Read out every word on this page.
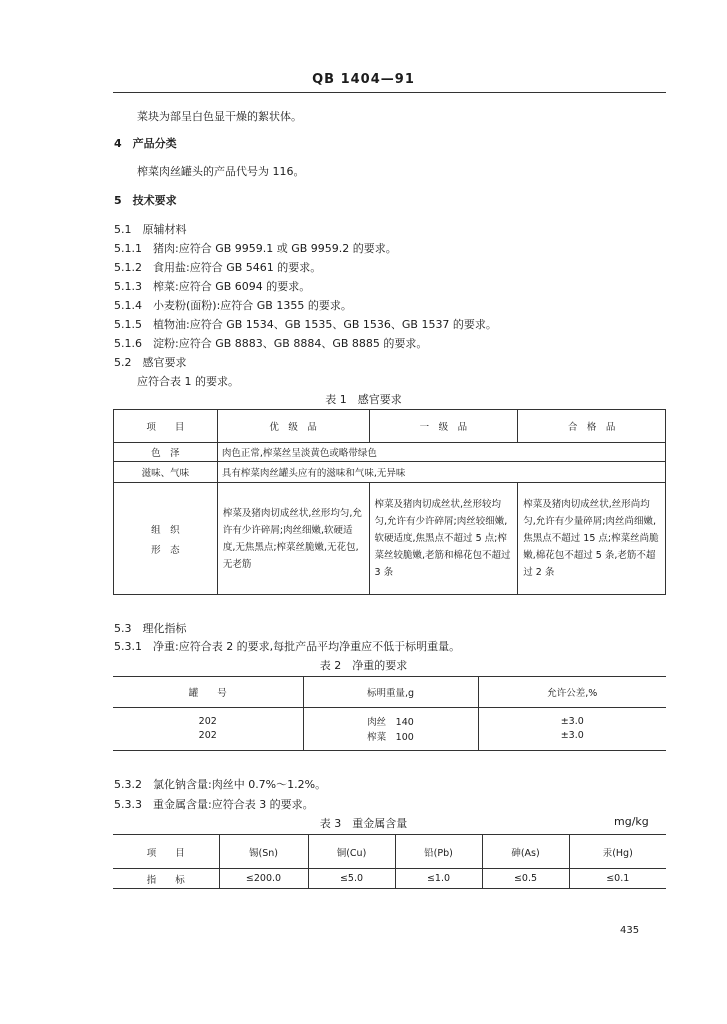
QB 1404—91
菜块为部呈白色显干燥的絮状体。
4　产品分类
榨菜肉丝罐头的产品代号为 116。
5　技术要求
5.1　原辅材料
5.1.1　猪肉:应符合 GB 9959.1 或 GB 9959.2 的要求。
5.1.2　食用盐:应符合 GB 5461 的要求。
5.1.3　榨菜:应符合 GB 6094 的要求。
5.1.4　小麦粉(面粉):应符合 GB 1355 的要求。
5.1.5　植物油:应符合 GB 1534、GB 1535、GB 1536、GB 1537 的要求。
5.1.6　淀粉:应符合 GB 8883、GB 8884、GB 8885 的要求。
5.2　感官要求
应符合表 1 的要求。
表 1　感官要求
项　　目	优　级　品	一　级　品	合　格　品
色　泽	肉色正常,榨菜丝呈淡黄色或略带绿色		
滋味、气味	具有榨菜肉丝罐头应有的滋味和气味,无异味		

组　织
形　态	榨菜及猪肉切成丝状,丝形均匀,允许有少许碎屑;肉丝细嫩,软硬适度,无焦黑点;榨菜丝脆嫩,无花包,无老筋	榨菜及猪肉切成丝状,丝形较均匀,允许有少许碎屑;肉丝较细嫩,软硬适度,焦黑点不超过 5 点;榨菜丝较脆嫩,老筋和棉花包不超过 3 条	榨菜及猪肉切成丝状,丝形尚均匀,允许有少量碎屑;肉丝尚细嫩,焦黑点不超过 15 点;榨菜丝尚脆嫩,棉花包不超过 5 条,老筋不超过 2 条
5.3　理化指标
5.3.1　净重:应符合表 2 的要求,每批产品平均净重应不低于标明重量。
表 2　净重的要求
罐　　号	标明重量,g	允许公差,%
202	肉丝　140	±3.0
202	榨菜　100	±3.0
5.3.2　氯化钠含量:肉丝中 0.7%～1.2%。
5.3.3　重金属含量:应符合表 3 的要求。
表 3　重金属含量	mg/kg
项　　目	锡(Sn)	铜(Cu)	铅(Pb)	砷(As)	汞(Hg)
指　　标	≤200.0	≤5.0	≤1.0	≤0.5	≤0.1
435
